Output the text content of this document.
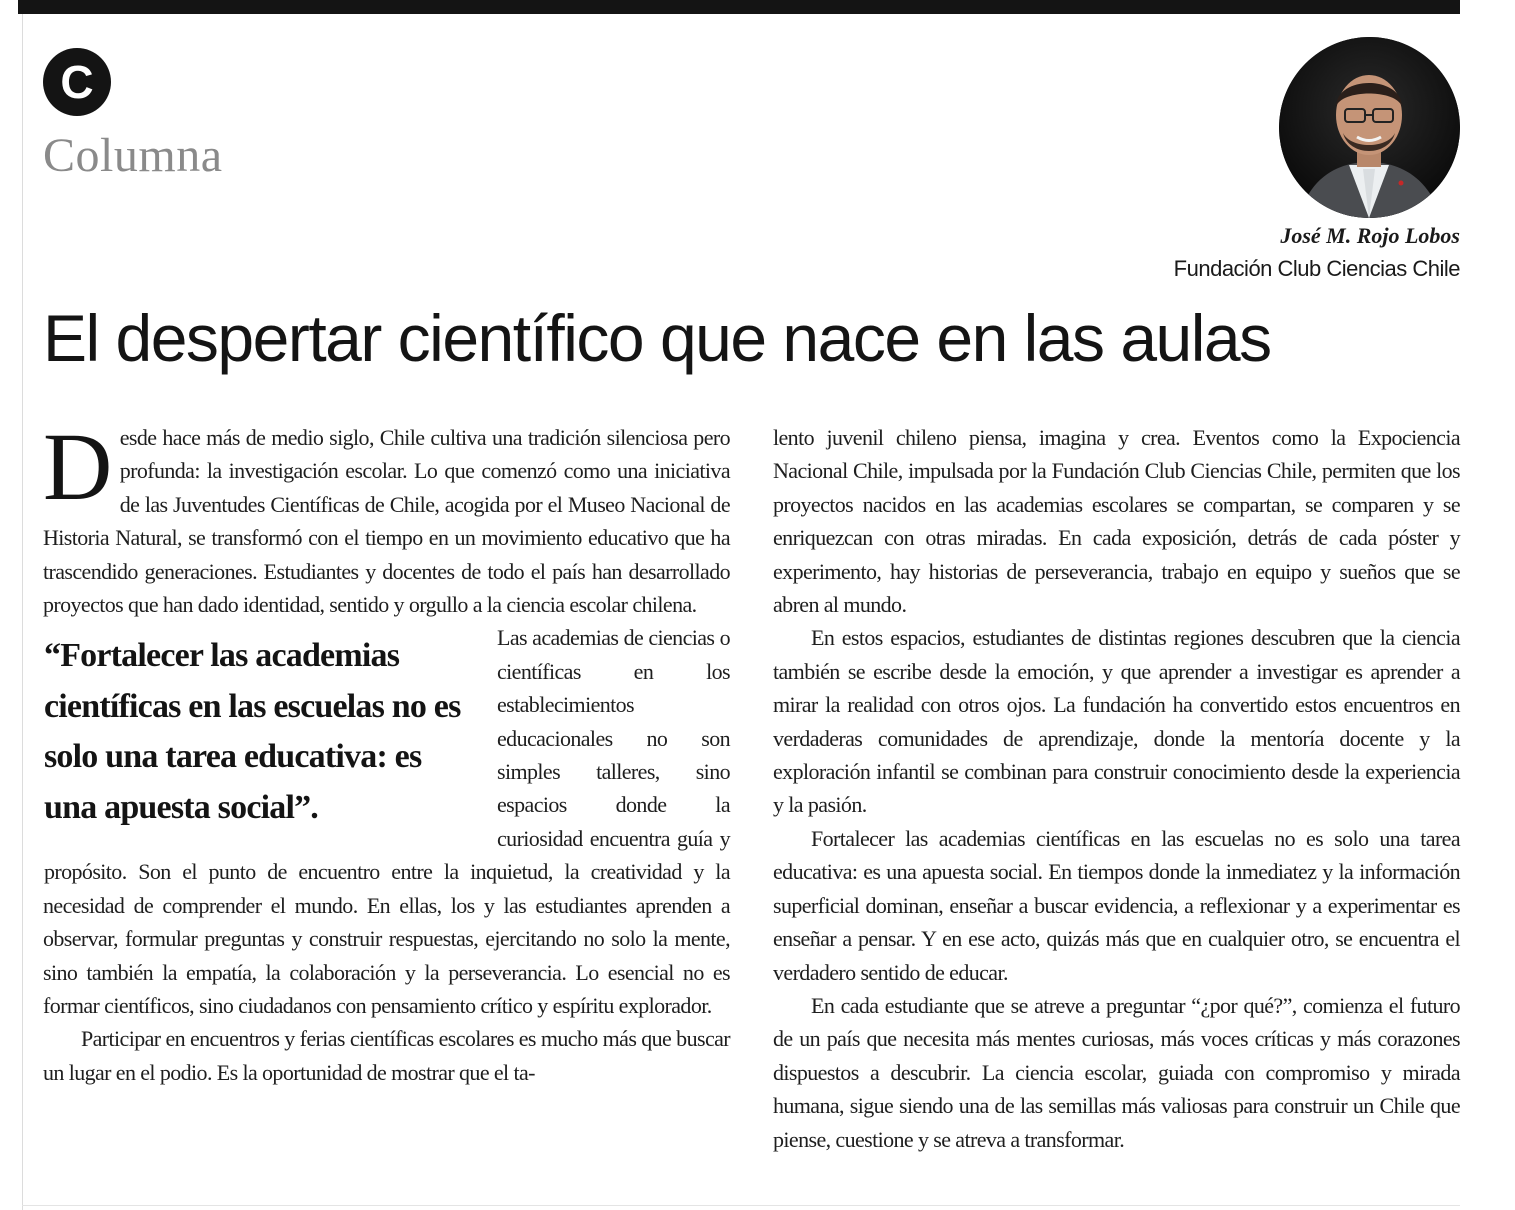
C
Columna
José M. Rojo Lobos
Fundación Club Ciencias Chile
El despertar científico que nace en las aulas

Desde hace más de medio siglo, Chile cultiva una tradición silenciosa pero profunda: la investigación escolar. Lo que comenzó como una iniciativa de las Juventudes Científicas de Chile, acogida por el Museo Nacional de Historia Natural, se transformó con el tiempo en un movimiento educativo que ha trascendido generaciones. Estudiantes y docentes de todo el país han desarrollado proyectos que han dado identidad, sentido y orgullo a la ciencia escolar chilena.

“Fortalecer las academias científicas en las escuelas no es solo una tarea educativa: es una apuesta social”.

Las academias de ciencias o científicas en los establecimientos educacionales no son simples talleres, sino espacios donde la curiosidad encuentra guía y propósito. Son el punto de encuentro entre la inquietud, la creatividad y la necesidad de comprender el mundo. En ellas, los y las estudiantes aprenden a observar, formular preguntas y construir respuestas, ejercitando no solo la mente, sino también la empatía, la colaboración y la perseverancia. Lo esencial no es formar científicos, sino ciudadanos con pensamiento crítico y espíritu explorador.

Participar en encuentros y ferias científicas escolares es mucho más que buscar un lugar en el podio. Es la oportunidad de mostrar que el ta-

lento juvenil chileno piensa, imagina y crea. Eventos como la Expociencia Nacional Chile, impulsada por la Fundación Club Ciencias Chile, permiten que los proyectos nacidos en las academias escolares se compartan, se comparen y se enriquezcan con otras miradas. En cada exposición, detrás de cada póster y experimento, hay historias de perseverancia, trabajo en equipo y sueños que se abren al mundo.

En estos espacios, estudiantes de distintas regiones descubren que la ciencia también se escribe desde la emoción, y que aprender a investigar es aprender a mirar la realidad con otros ojos. La fundación ha convertido estos encuentros en verdaderas comunidades de aprendizaje, donde la mentoría docente y la exploración infantil se combinan para construir conocimiento desde la experiencia y la pasión.

Fortalecer las academias científicas en las escuelas no es solo una tarea educativa: es una apuesta social. En tiempos donde la inmediatez y la información superficial dominan, enseñar a buscar evidencia, a reflexionar y a experimentar es enseñar a pensar. Y en ese acto, quizás más que en cualquier otro, se encuentra el verdadero sentido de educar.

En cada estudiante que se atreve a preguntar “¿por qué?”, comienza el futuro de un país que necesita más mentes curiosas, más voces críticas y más corazones dispuestos a descubrir. La ciencia escolar, guiada con compromiso y mirada humana, sigue siendo una de las semillas más valiosas para construir un Chile que piense, cuestione y se atreva a transformar.
